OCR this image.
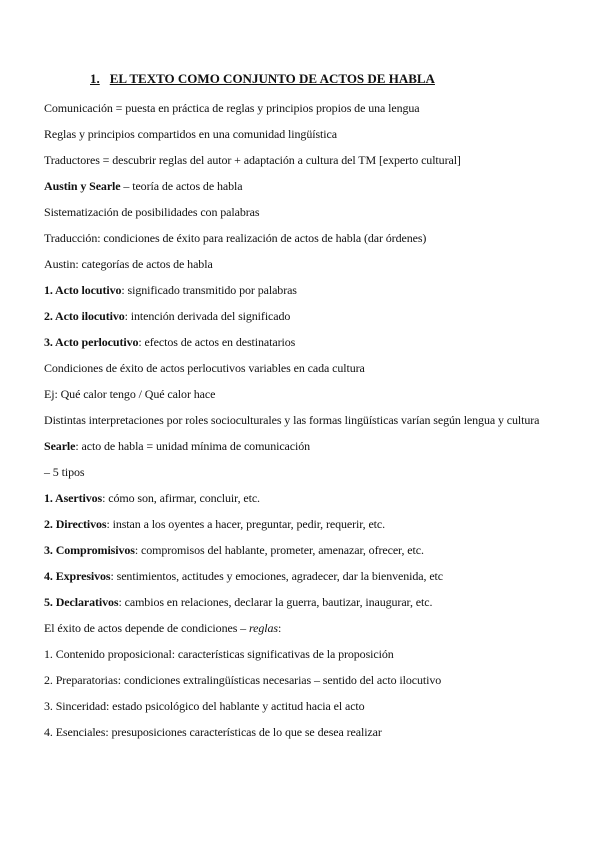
1. EL TEXTO COMO CONJUNTO DE ACTOS DE HABLA
Comunicación = puesta en práctica de reglas y principios propios de una lengua
Reglas y principios compartidos en una comunidad lingüística
Traductores = descubrir reglas del autor + adaptación a cultura del TM [experto cultural]
Austin y Searle – teoría de actos de habla
Sistematización de posibilidades con palabras
Traducción: condiciones de éxito para realización de actos de habla (dar órdenes)
Austin: categorías de actos de habla
1. Acto locutivo: significado transmitido por palabras
2. Acto ilocutivo: intención derivada del significado
3. Acto perlocutivo: efectos de actos en destinatarios
Condiciones de éxito de actos perlocutivos variables en cada cultura
Ej: Qué calor tengo / Qué calor hace
Distintas interpretaciones por roles socioculturales y las formas lingüísticas varían según lengua y cultura
Searle: acto de habla = unidad mínima de comunicación
– 5 tipos
1. Asertivos: cómo son, afirmar, concluir, etc.
2. Directivos: instan a los oyentes a hacer, preguntar, pedir, requerir, etc.
3. Compromisivos: compromisos del hablante, prometer, amenazar, ofrecer, etc.
4. Expresivos: sentimientos, actitudes y emociones, agradecer, dar la bienvenida, etc
5. Declarativos: cambios en relaciones, declarar la guerra, bautizar, inaugurar, etc.
El éxito de actos depende de condiciones – reglas:
1. Contenido proposicional: características significativas de la proposición
2. Preparatorias: condiciones extralingüísticas necesarias – sentido del acto ilocutivo
3. Sinceridad: estado psicológico del hablante y actitud hacia el acto
4. Esenciales: presuposiciones características de lo que se desea realizar
